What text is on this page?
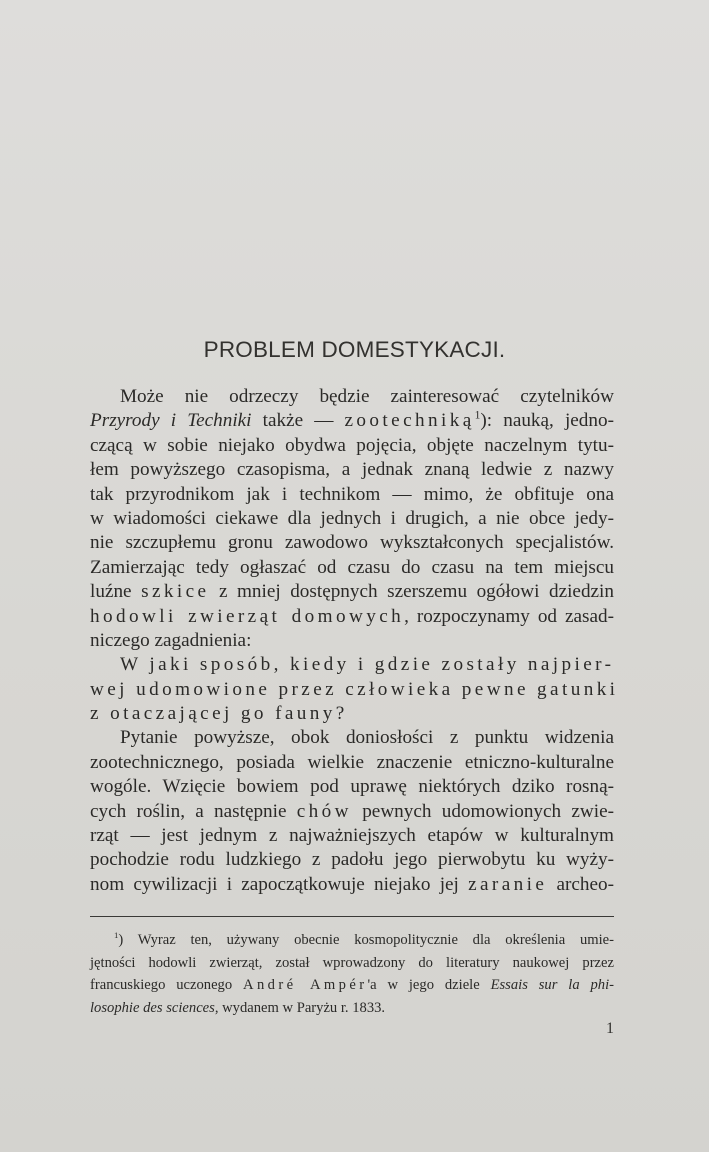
PROBLEM DOMESTYKACJI.
Może nie odrzeczy będzie zainteresować czytelników
Przyrody i Techniki także — zootechniką$^1$): nauką, jedno-
czącą w sobie niejako obydwa pojęcia, objęte naczelnym tytu-
łem powyższego czasopisma, a jednak znaną ledwie z nazwy
tak przyrodnikom jak i technikom — mimo, że obfituje ona
w wiadomości ciekawe dla jednych i drugich, a nie obce jedy-
nie szczupłemu gronu zawodowo wykształconych specjalistów.
Zamierzając tedy ogłaszać od czasu do czasu na tem miejscu
luźne szkice z mniej dostępnych szerszemu ogółowi dziedzin
hodowli zwierząt domowych, rozpoczynamy od zasad-
niczego zagadnienia:
W jaki sposób, kiedy i gdzie zostały najpier-
wej udomowione przez człowieka pewne gatunki
z otaczającej go fauny?
Pytanie powyższe, obok doniosłości z punktu widzenia
zootechnicznego, posiada wielkie znaczenie etniczno-kulturalne
wogóle. Wzięcie bowiem pod uprawę niektórych dziko rosną-
cych roślin, a następnie chów pewnych udomowionych zwie-
rząt — jest jednym z najważniejszych etapów w kulturalnym
pochodzie rodu ludzkiego z padołu jego pierwobytu ku wyży-
nom cywilizacji i zapoczątkowuje niejako jej zaranie archeo-
$^1$) Wyraz ten, używany obecnie kosmopolitycznie dla określenia umie-
jętności hodowli zwierząt, został wprowadzony do literatury naukowej przez
francuskiego uczonego André Ampér'a w jego dziele Essais sur la phi-
losophie des sciences, wydanem w Paryżu r. 1833.
1
